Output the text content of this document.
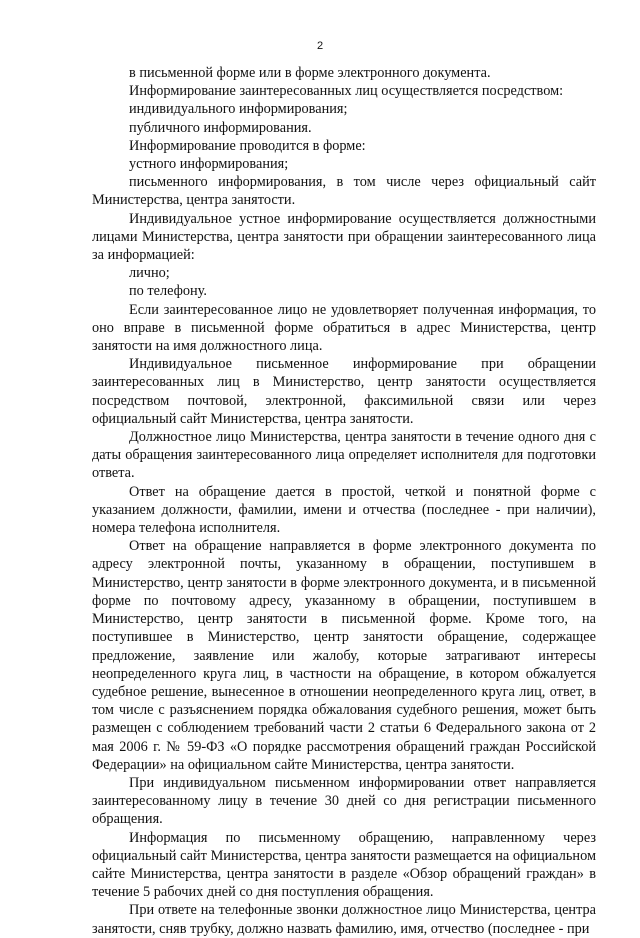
2

в письменной форме или в форме электронного документа.

Информирование заинтересованных лиц осуществляется посредством:

индивидуального информирования;

публичного информирования.

Информирование проводится в форме:

устного информирования;

письменного информирования, в том числе через официальный сайт Министерства, центра занятости.

Индивидуальное устное информирование осуществляется должностными лицами Министерства, центра занятости при обращении заинтересованного лица за информацией:

лично;

по телефону.

Если заинтересованное лицо не удовлетворяет полученная информация, то оно вправе в письменной форме обратиться в адрес Министерства, центр занятости на имя должностного лица.

Индивидуальное письменное информирование при обращении заинтересованных лиц в Министерство, центр занятости осуществляется посредством почтовой, электронной, факсимильной связи или через официальный сайт Министерства, центра занятости.

Должностное лицо Министерства, центра занятости в течение одного дня с даты обращения заинтересованного лица определяет исполнителя для подготовки ответа.

Ответ на обращение дается в простой, четкой и понятной форме с указанием должности, фамилии, имени и отчества (последнее - при наличии), номера телефона исполнителя.

Ответ на обращение направляется в форме электронного документа по адресу электронной почты, указанному в обращении, поступившем в Министерство, центр занятости в форме электронного документа, и в письменной форме по почтовому адресу, указанному в обращении, поступившем в Министерство, центр занятости в письменной форме. Кроме того, на поступившее в Министерство, центр занятости обращение, содержащее предложение, заявление или жалобу, которые затрагивают интересы неопределенного круга лиц, в частности на обращение, в котором обжалуется судебное решение, вынесенное в отношении неопределенного круга лиц, ответ, в том числе с разъяснением порядка обжалования судебного решения, может быть размещен с соблюдением требований части 2 статьи 6 Федерального закона от 2 мая 2006 г. № 59-ФЗ «О порядке рассмотрения обращений граждан Российской Федерации» на официальном сайте Министерства, центра занятости.

При индивидуальном письменном информировании ответ направляется заинтересованному лицу в течение 30 дней со дня регистрации письменного обращения.

Информация по письменному обращению, направленному через официальный сайт Министерства, центра занятости размещается на официальном сайте Министерства, центра занятости в разделе «Обзор обращений граждан» в течение 5 рабочих дней со дня поступления обращения.

При ответе на телефонные звонки должностное лицо Министерства, центра занятости, сняв трубку, должно назвать фамилию, имя, отчество (последнее - при
